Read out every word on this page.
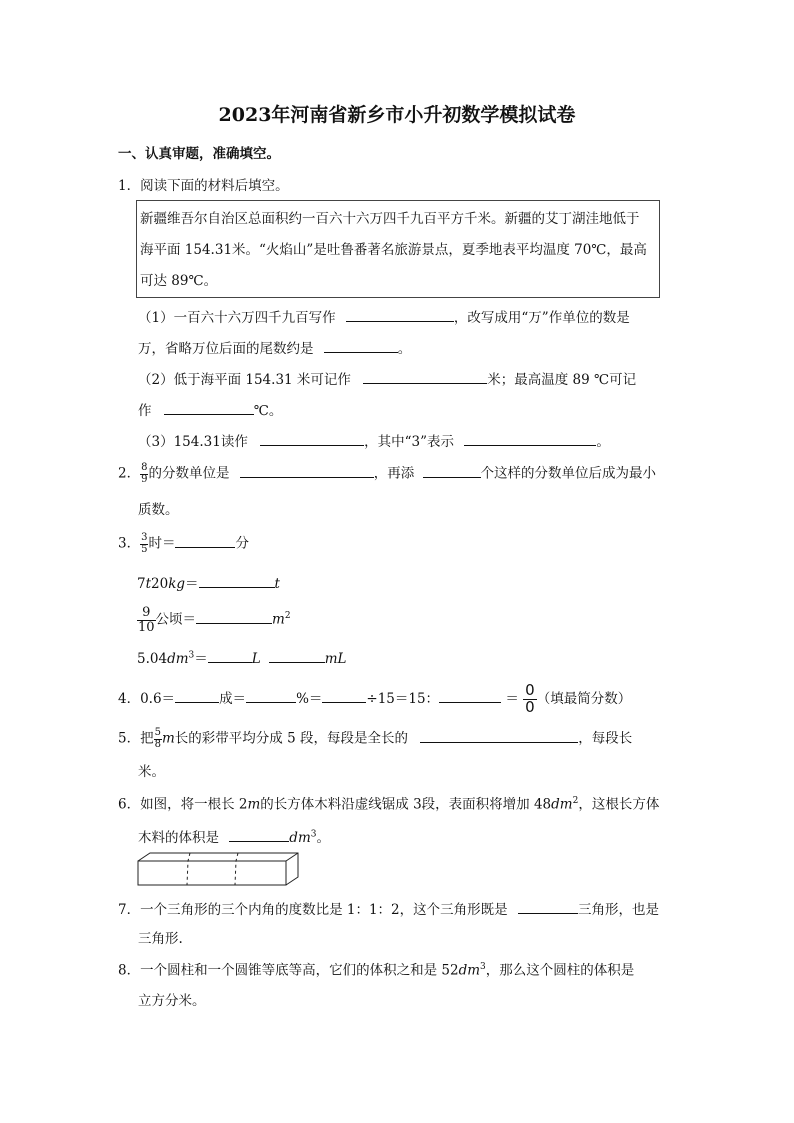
2023年河南省新乡市小升初数学模拟试卷
一、认真审题，准确填空。
1．阅读下面的材料后填空。
新疆维吾尔自治区总面积约一百六十六万四千九百平方千米。新疆的艾丁湖洼地低于
海平面 154.31米。“火焰山”是吐鲁番著名旅游景点，夏季地表平均温度 70℃，最高
可达 89℃。
（1）一百六十六万四千九百写作	，改写成用“万”作单位的数是
万，省略万位后面的尾数约是	。
（2）低于海平面 154.31 米可记作	米；最高温度 89 ℃可记
作	℃。
（3）154.31读作	，其中“3”表示	。
2． $\frac{8}{9}$ 的分数单位是	，再添	个这样的分数单位后成为最小
质数。
3． $\frac{3}{5}$ 时＝	分
7t20kg＝	t
$\frac{9}{10}$ 公顷＝	$m^2$
$5.04dm^3=$	L	mL
4．0.6＝	成＝	%＝	÷15＝15：	＝ $\frac{0}{0}$（填最简分数）
5．把 $\frac{5}{8}$ m长的彩带平均分成 5 段，每段是全长的	，每段长
米。
6．如图，将一根长 2m的长方体木料沿虚线锯成 3段，表面积将增加 $48dm^2$，这根长方体
木料的体积是	$dm^3$。
7．一个三角形的三个内角的度数比是 1：1：2，这个三角形既是	三角形，也是
三角形.
8．一个圆柱和一个圆锥等底等高，它们的体积之和是 $52dm^3$，那么这个圆柱的体积是
立方分米。
